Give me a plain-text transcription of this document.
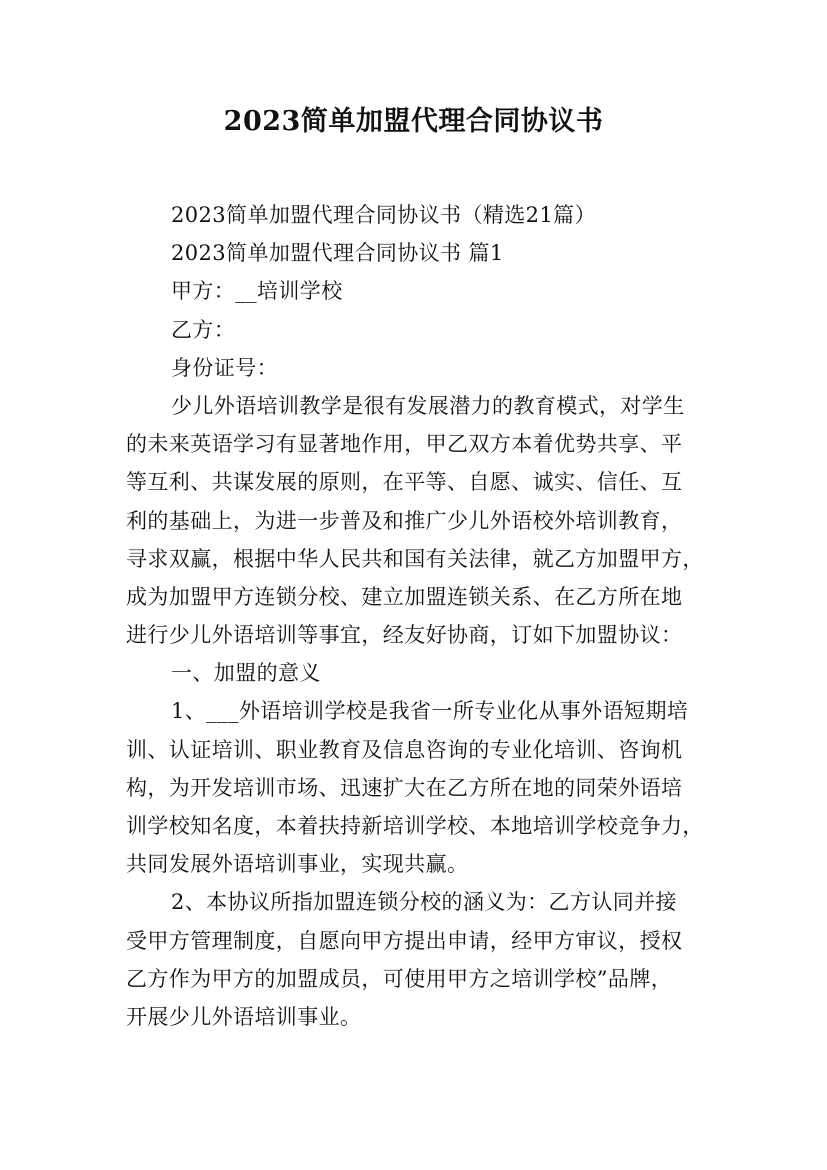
2023简单加盟代理合同协议书
2023简单加盟代理合同协议书（精选21篇）
2023简单加盟代理合同协议书 篇1
甲方：__培训学校
乙方：
身份证号：
少儿外语培训教学是很有发展潜力的教育模式，对学生
的未来英语学习有显著地作用，甲乙双方本着优势共享、平
等互利、共谋发展的原则，在平等、自愿、诚实、信任、互
利的基础上，为进一步普及和推广少儿外语校外培训教育，
寻求双赢，根据中华人民共和国有关法律，就乙方加盟甲方，
成为加盟甲方连锁分校、建立加盟连锁关系、在乙方所在地
进行少儿外语培训等事宜，经友好协商，订如下加盟协议：
一、加盟的意义
1、___外语培训学校是我省一所专业化从事外语短期培
训、认证培训、职业教育及信息咨询的专业化培训、咨询机
构，为开发培训市场、迅速扩大在乙方所在地的同荣外语培
训学校知名度，本着扶持新培训学校、本地培训学校竞争力，
共同发展外语培训事业，实现共赢。
2、本协议所指加盟连锁分校的涵义为：乙方认同并接
受甲方管理制度，自愿向甲方提出申请，经甲方审议，授权
乙方作为甲方的加盟成员，可使用甲方之培训学校”品牌，
开展少儿外语培训事业。
